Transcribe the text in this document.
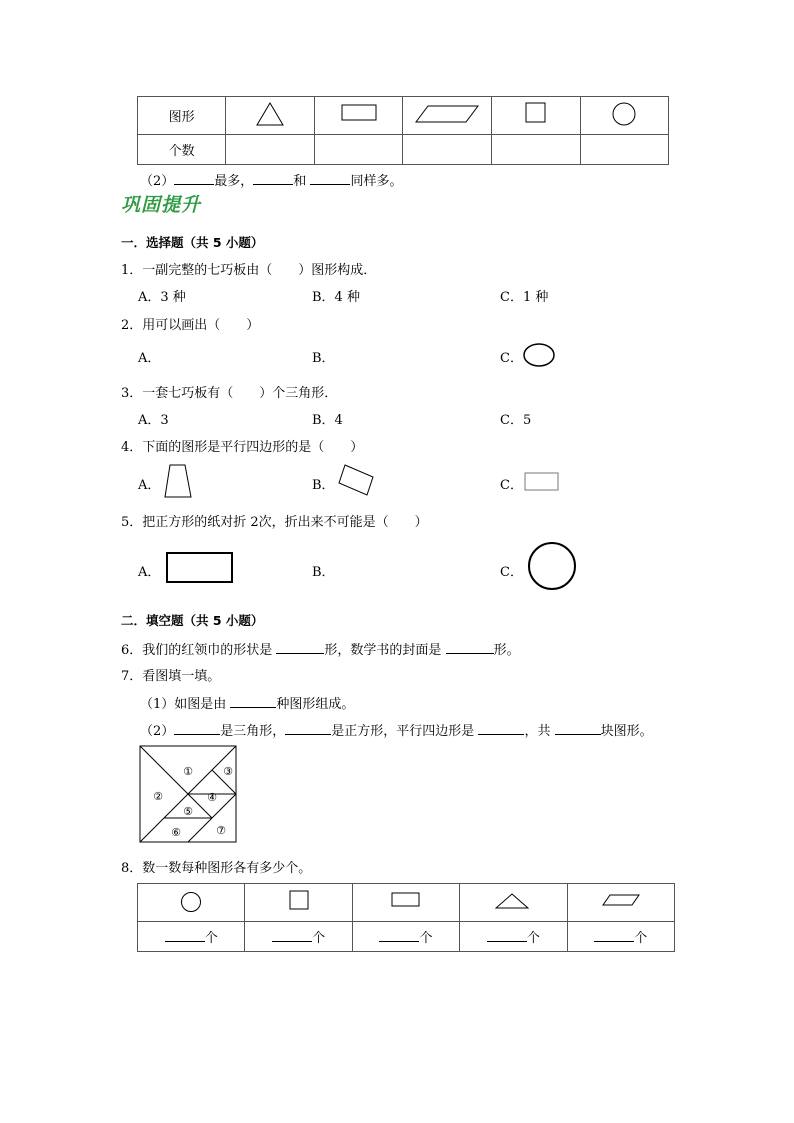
图形					
个数					
（2）	最多，	和	同样多。
巩固提升
一．选择题（共 5 小题）
1．一副完整的七巧板由（　　）图形构成．
A．3 种	B．4 种	C．1 种
2．用可以画出（　　）
A．	B．	C．
3．一套七巧板有（　　）个三角形．
A．3	B．4	C．5
4．下面的图形是平行四边形的是（　　）
A．	B．	C．
5．把正方形的纸对折 2次，折出来不可能是（　　）
A．	B．	C．
二．填空题（共 5 小题）
6．我们的红领巾的形状是	形，数学书的封面是	形。
7．看图填一填。
（1）如图是由	种图形组成。
（2）	是三角形，	是正方形，平行四边形是	，共	块图形。
①
②
③
④
⑤
⑥	⑦
8．数一数每种图形各有多少个。

个	个	个	个	个
